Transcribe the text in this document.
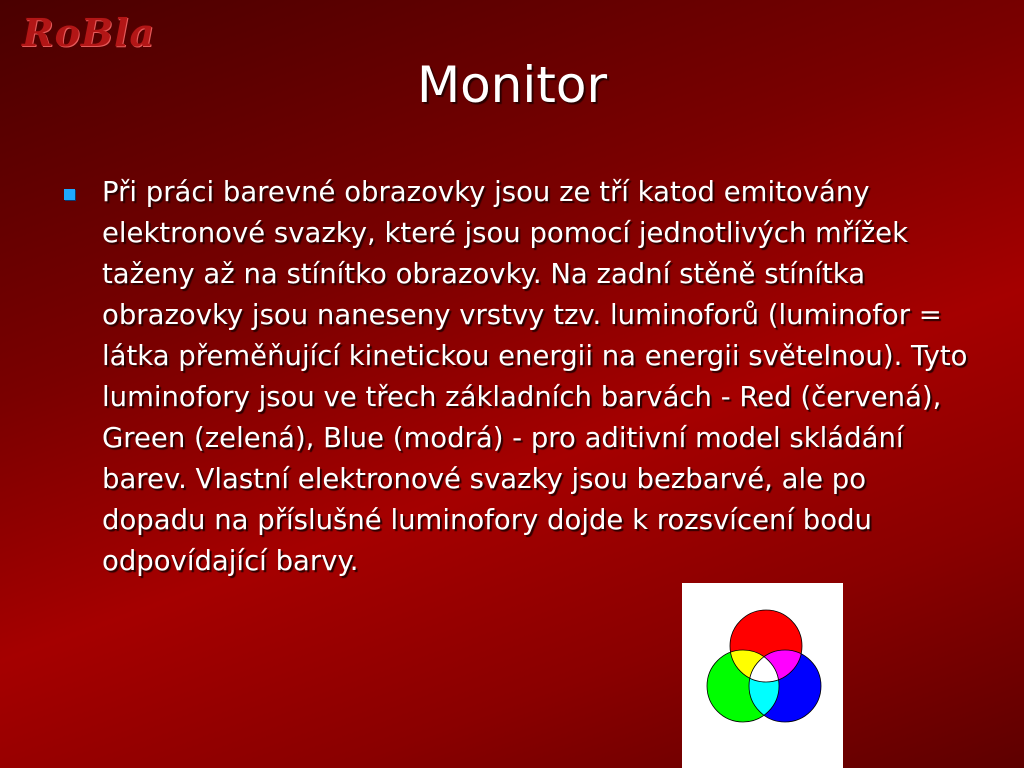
RoBla
Monitor
Při práci barevné obrazovky jsou ze tří katod emitovány elektronové svazky, které jsou pomocí jednotlivých mřížek taženy až na stínítko obrazovky. Na zadní stěně stínítka obrazovky jsou naneseny vrstvy tzv. luminoforů (luminofor = látka přeměňující kinetickou energii na energii světelnou). Tyto luminofory jsou ve třech základních barvách - Red (červená), Green (zelená), Blue (modrá) - pro aditivní model skládání barev. Vlastní elektronové svazky jsou bezbarvé, ale po dopadu na příslušné luminofory dojde k rozsvícení bodu odpovídající barvy.
